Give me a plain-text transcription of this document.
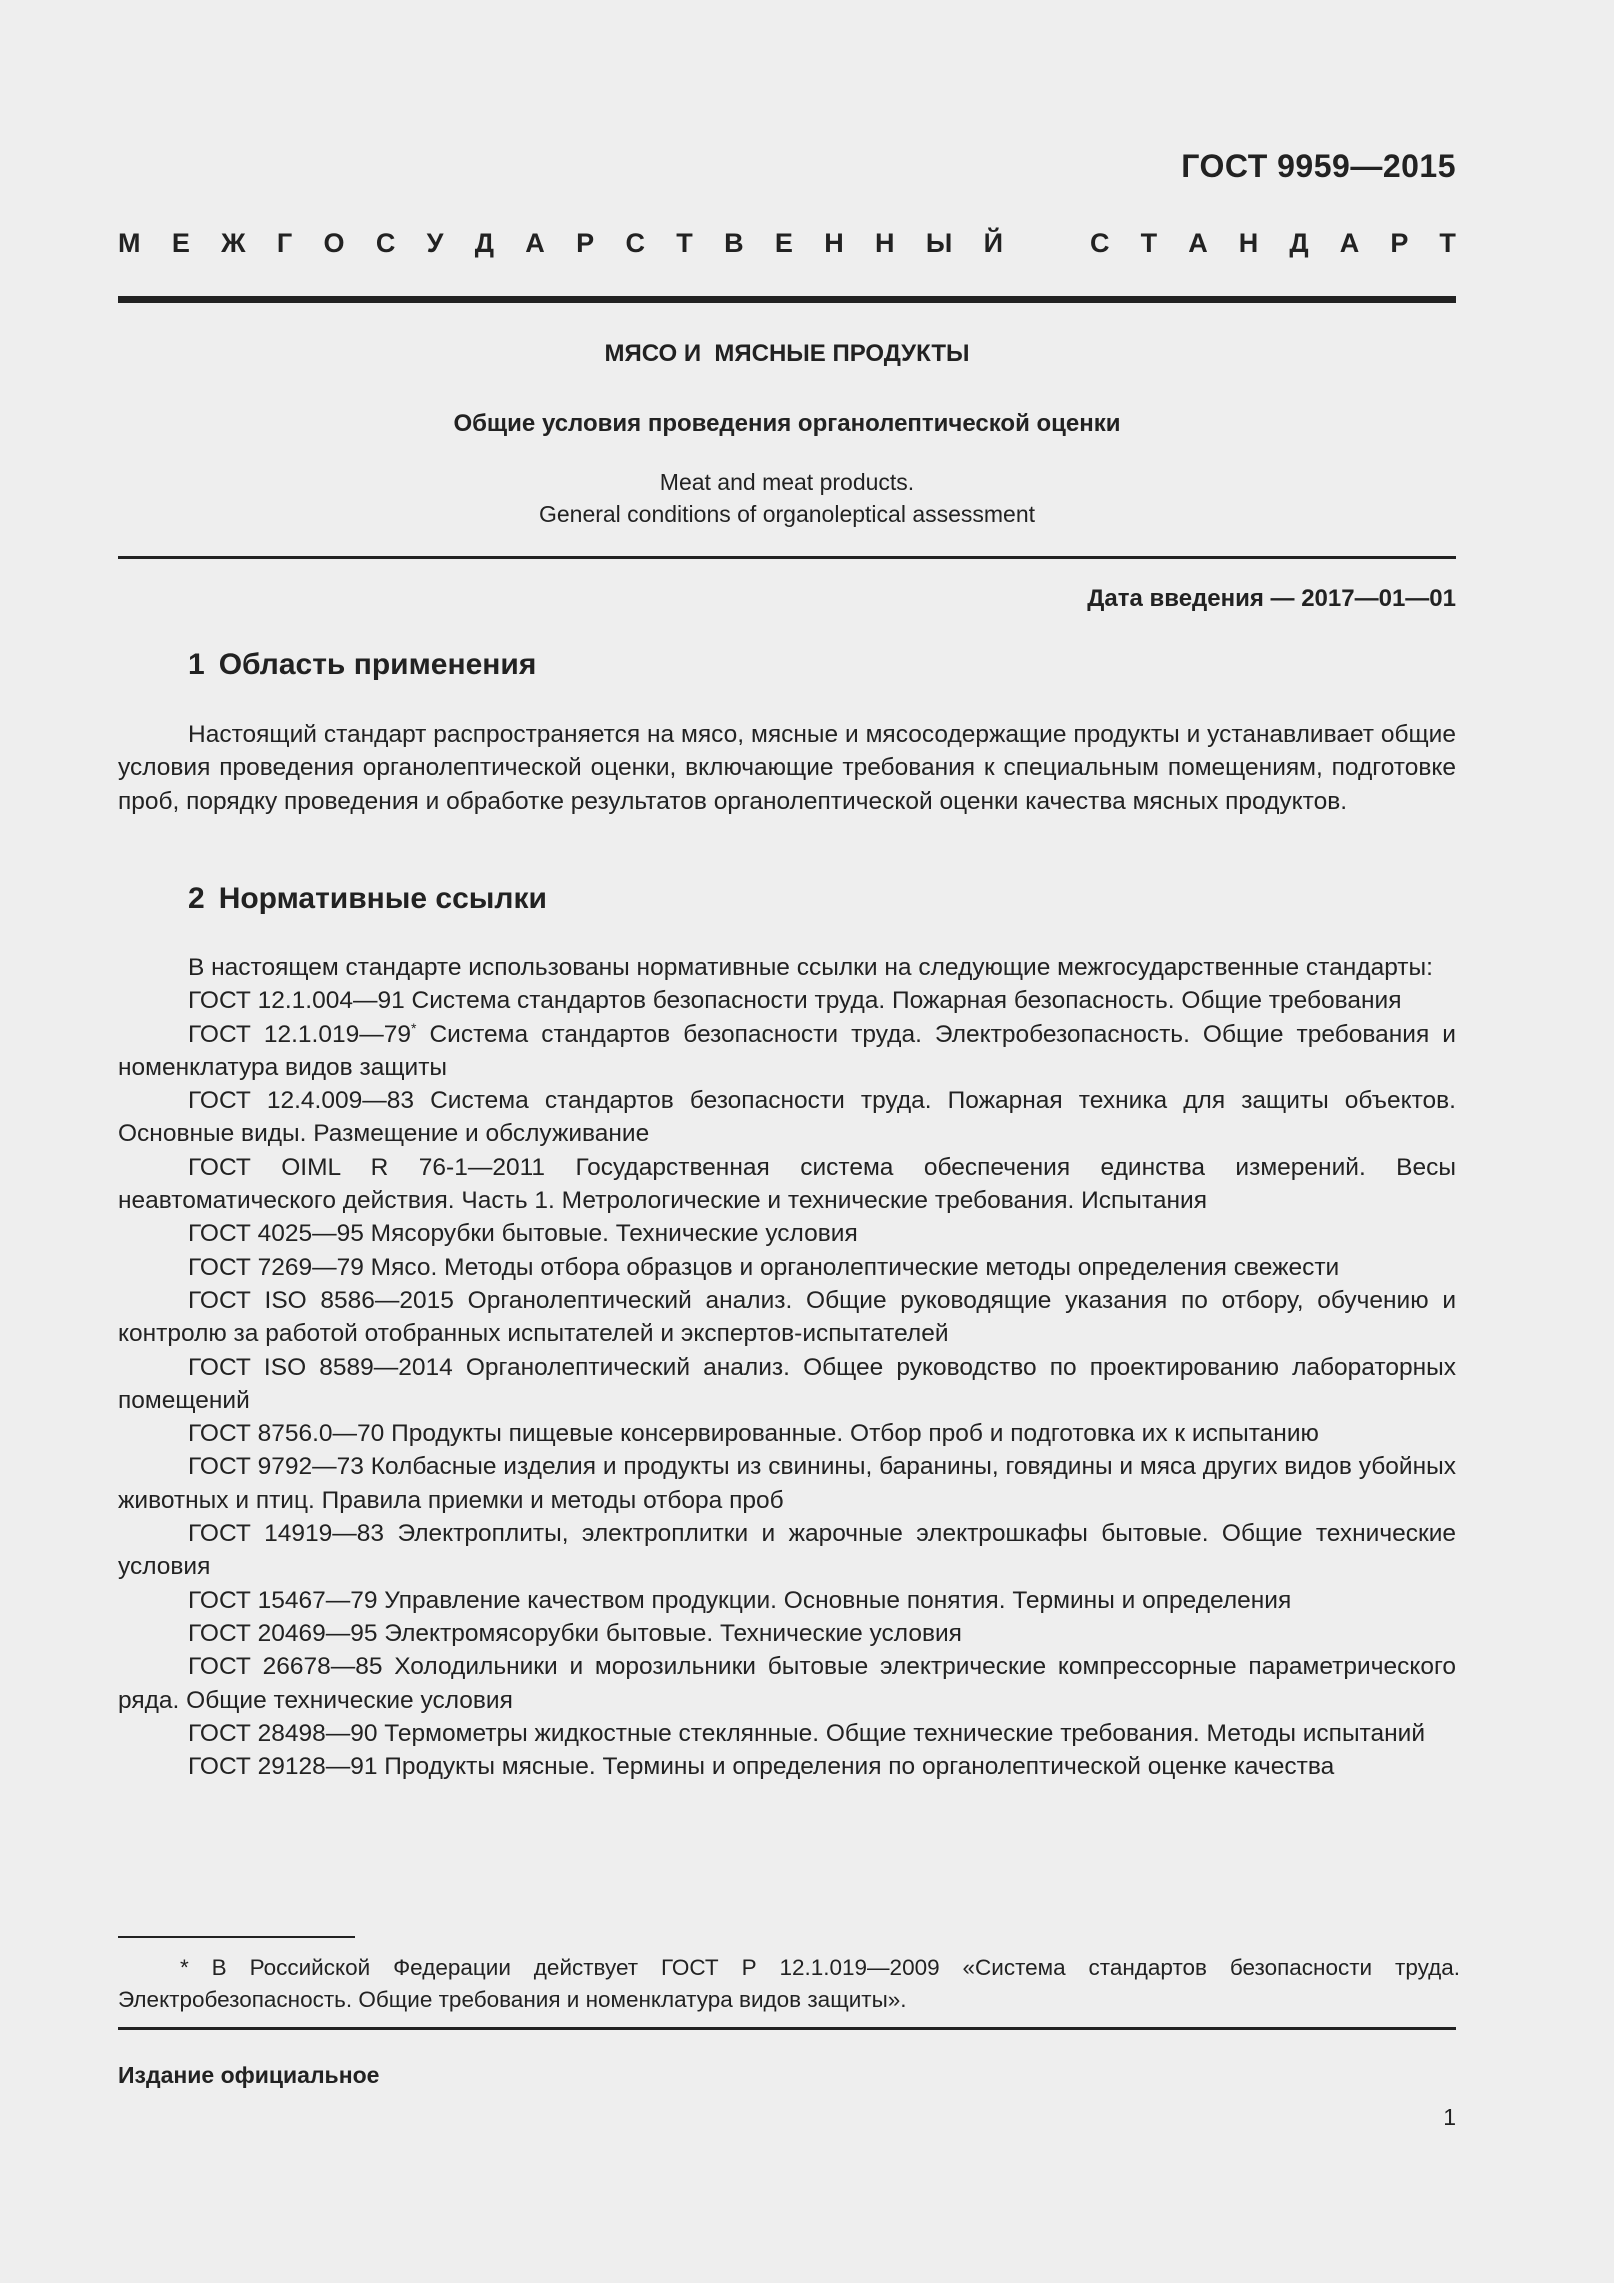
ГОСТ 9959—2015
М Е Ж Г О С У Д А Р С Т В Е Н Н Ы Й	С Т А Н Д А Р Т
МЯСО И  МЯСНЫЕ ПРОДУКТЫ
Общие условия проведения органолептической оценки
Meat and meat products.
General conditions of organoleptical assessment
Дата введения — 2017—01—01
1 Область применения
Настоящий стандарт распространяется на мясо, мясные и мясосодержащие продукты и устанавливает общие условия проведения органолептической оценки, включающие требования к специальным помещениям, подготовке проб, порядку проведения и обработке результатов органолептической оценки качества мясных продуктов.
2 Нормативные ссылки

В настоящем стандарте использованы нормативные ссылки на следующие межгосударственные стандарты:

ГОСТ 12.1.004—91 Система стандартов безопасности труда. Пожарная безопасность. Общие требования

ГОСТ 12.1.019—79* Система стандартов безопасности труда. Электробезопасность. Общие требования и номенклатура видов защиты

ГОСТ 12.4.009—83 Система стандартов безопасности труда. Пожарная техника для защиты объектов. Основные виды. Размещение и обслуживание

ГОСТ OIML R 76-1—2011 Государственная система обеспечения единства измерений. Весы неавтоматического действия. Часть 1. Метрологические и технические требования. Испытания

ГОСТ 4025—95 Мясорубки бытовые. Технические условия

ГОСТ 7269—79 Мясо. Методы отбора образцов и органолептические методы определения свежести

ГОСТ ISO 8586—2015 Органолептический анализ. Общие руководящие указания по отбору, обучению и контролю за работой отобранных испытателей и экспертов-испытателей

ГОСТ ISO 8589—2014 Органолептический анализ. Общее руководство по проектированию лабораторных помещений

ГОСТ 8756.0—70 Продукты пищевые консервированные. Отбор проб и подготовка их к испытанию

ГОСТ 9792—73 Колбасные изделия и продукты из свинины, баранины, говядины и мяса других видов убойных животных и птиц. Правила приемки и методы отбора проб

ГОСТ 14919—83 Электроплиты, электроплитки и жарочные электрошкафы бытовые. Общие технические условия

ГОСТ 15467—79 Управление качеством продукции. Основные понятия. Термины и определения

ГОСТ 20469—95 Электромясорубки бытовые. Технические условия

ГОСТ 26678—85 Холодильники и морозильники бытовые электрические компрессорные параметрического ряда. Общие технические условия

ГОСТ 28498—90 Термометры жидкостные стеклянные. Общие технические требования. Методы испытаний

ГОСТ 29128—91 Продукты мясные. Термины и определения по органолептической оценке качества

* В Российской Федерации действует ГОСТ Р 12.1.019—2009 «Система стандартов безопасности труда. Электробезопасность. Общие требования и номенклатура видов защиты».
Издание официальное
1
